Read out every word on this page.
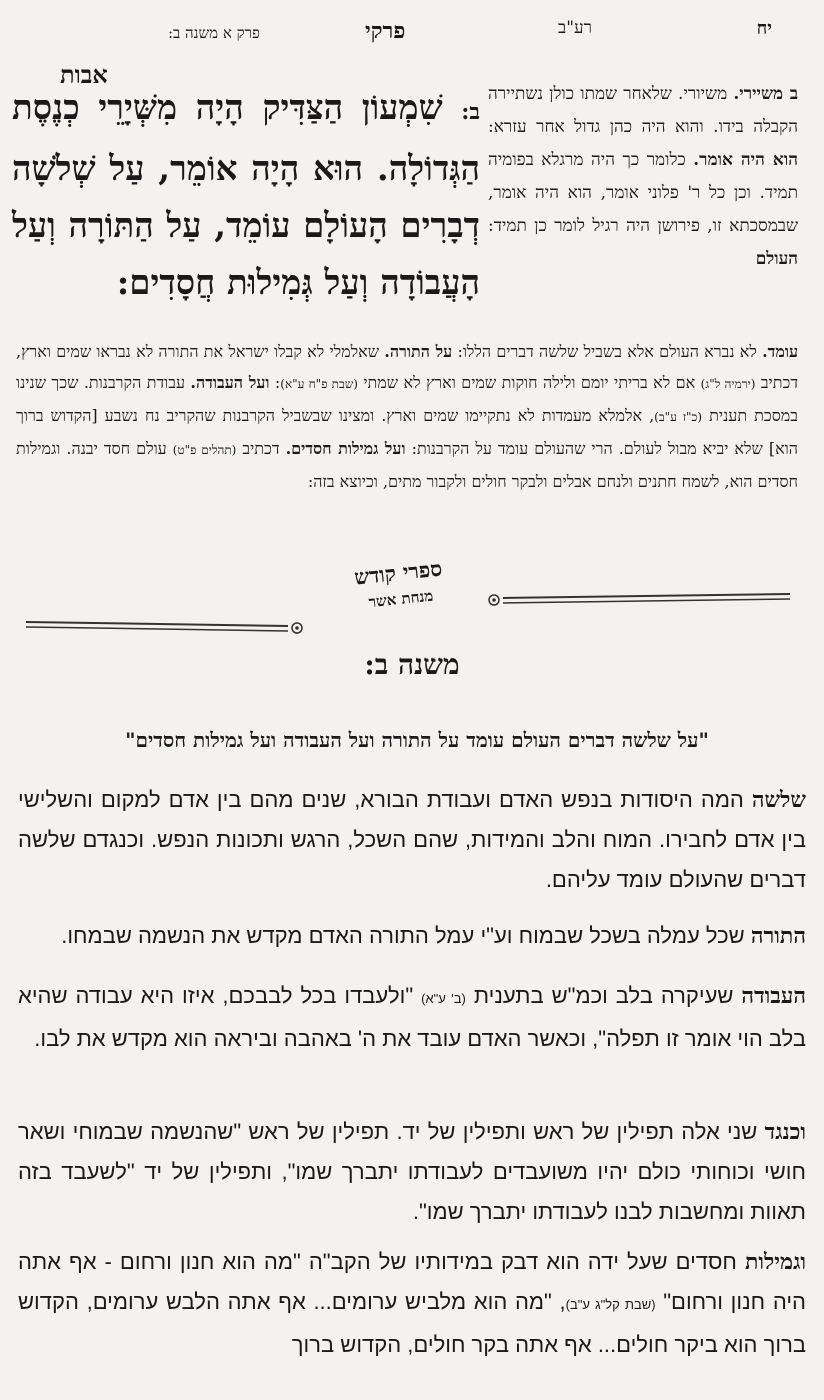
יח
רע"ב
פרקי
פרק א משנה ב:
אבות
ב משיירי. משיורי. שלאחר שמתו כולן נשתיירה הקבלה בידו. והוא היה כהן גדול אחר עזרא: הוא היה אומר. כלומר כך היה מרגלא בפומיה תמיד. וכן כל ר' פלוני אומר, הוא היה אומר, שבמסכתא זו, פירושן היה רגיל לומר כן תמיד: העולם
ב: שִׁמְעוֹן הַצַּדִּיק הָיָה מִשְּׁיָרֵי כְנֶסֶת הַגְּדוֹלָה. הוּא הָיָה אוֹמֵר, עַל שְׁלֹשָׁה דְבָרִים הָעוֹלָם עוֹמֵד, עַל הַתּוֹרָה וְעַל הָעֲבוֹדָה וְעַל גְּמִילוּת חֲסָדִים:
עומד. לא נברא העולם אלא בשביל שלשה דברים הללו: על התורה. שאלמלי לא קבלו ישראל את התורה לא נבראו שמים וארץ, דכתיב (ירמיה ל"ג) אם לא בריתי יומם ולילה חוקות שמים וארץ לא שמתי (שבת פ"ח ע"א): ועל העבודה. עבודת הקרבנות. שכך שנינו במסכת תענית (כ"ז ע"ב), אלמלא מעמדות לא נתקיימו שמים וארץ. ומצינו שבשביל הקרבנות שהקריב נח נשבע [הקדוש ברוך הוא] שלא יביא מבול לעולם. הרי שהעולם עומד על הקרבנות: ועל גמילות חסדים. דכתיב (תהלים פ"ט) עולם חסד יבנה. וגמילות חסדים הוא, לשמח חתנים ולנחם אבלים ולבקר חולים ולקבור מתים, וכיוצא בזה:
ספרי קודש
מנחת אשר
משנה ב:
"על שלשה דברים העולם עומד על התורה ועל העבודה ועל גמילות חסדים"
שלשה המה היסודות בנפש האדם ועבודת הבורא, שנים מהם בין אדם למקום והשלישי בין אדם לחבירו. המוח והלב והמידות, שהם השכל, הרגש ותכונות הנפש. וכנגדם שלשה דברים שהעולם עומד עליהם.
התורה שכל עמלה בשכל שבמוח וע"י עמל התורה האדם מקדש את הנשמה שבמחו.
העבודה שעיקרה בלב וכמ"ש בתענית (ב' ע"א) "ולעבדו בכל לבבכם, איזו היא עבודה שהיא בלב הוי אומר זו תפלה", וכאשר האדם עובד את ה' באהבה וביראה הוא מקדש את לבו.
וכנגד שני אלה תפילין של ראש ותפילין של יד. תפילין של ראש "שהנשמה שבמוחי ושאר חושי וכוחותי כולם יהיו משועבדים לעבודתו יתברך שמו", ותפילין של יד "לשעבד בזה תאוות ומחשבות לבנו לעבודתו יתברך שמו".
וגמילות חסדים שעל ידה הוא דבק במידותיו של הקב"ה "מה הוא חנון ורחום - אף אתה היה חנון ורחום" (שבת קל"ג ע"ב), "מה הוא מלביש ערומים... אף אתה הלבש ערומים, הקדוש ברוך הוא ביקר חולים... אף אתה בקר חולים, הקדוש ברוך
